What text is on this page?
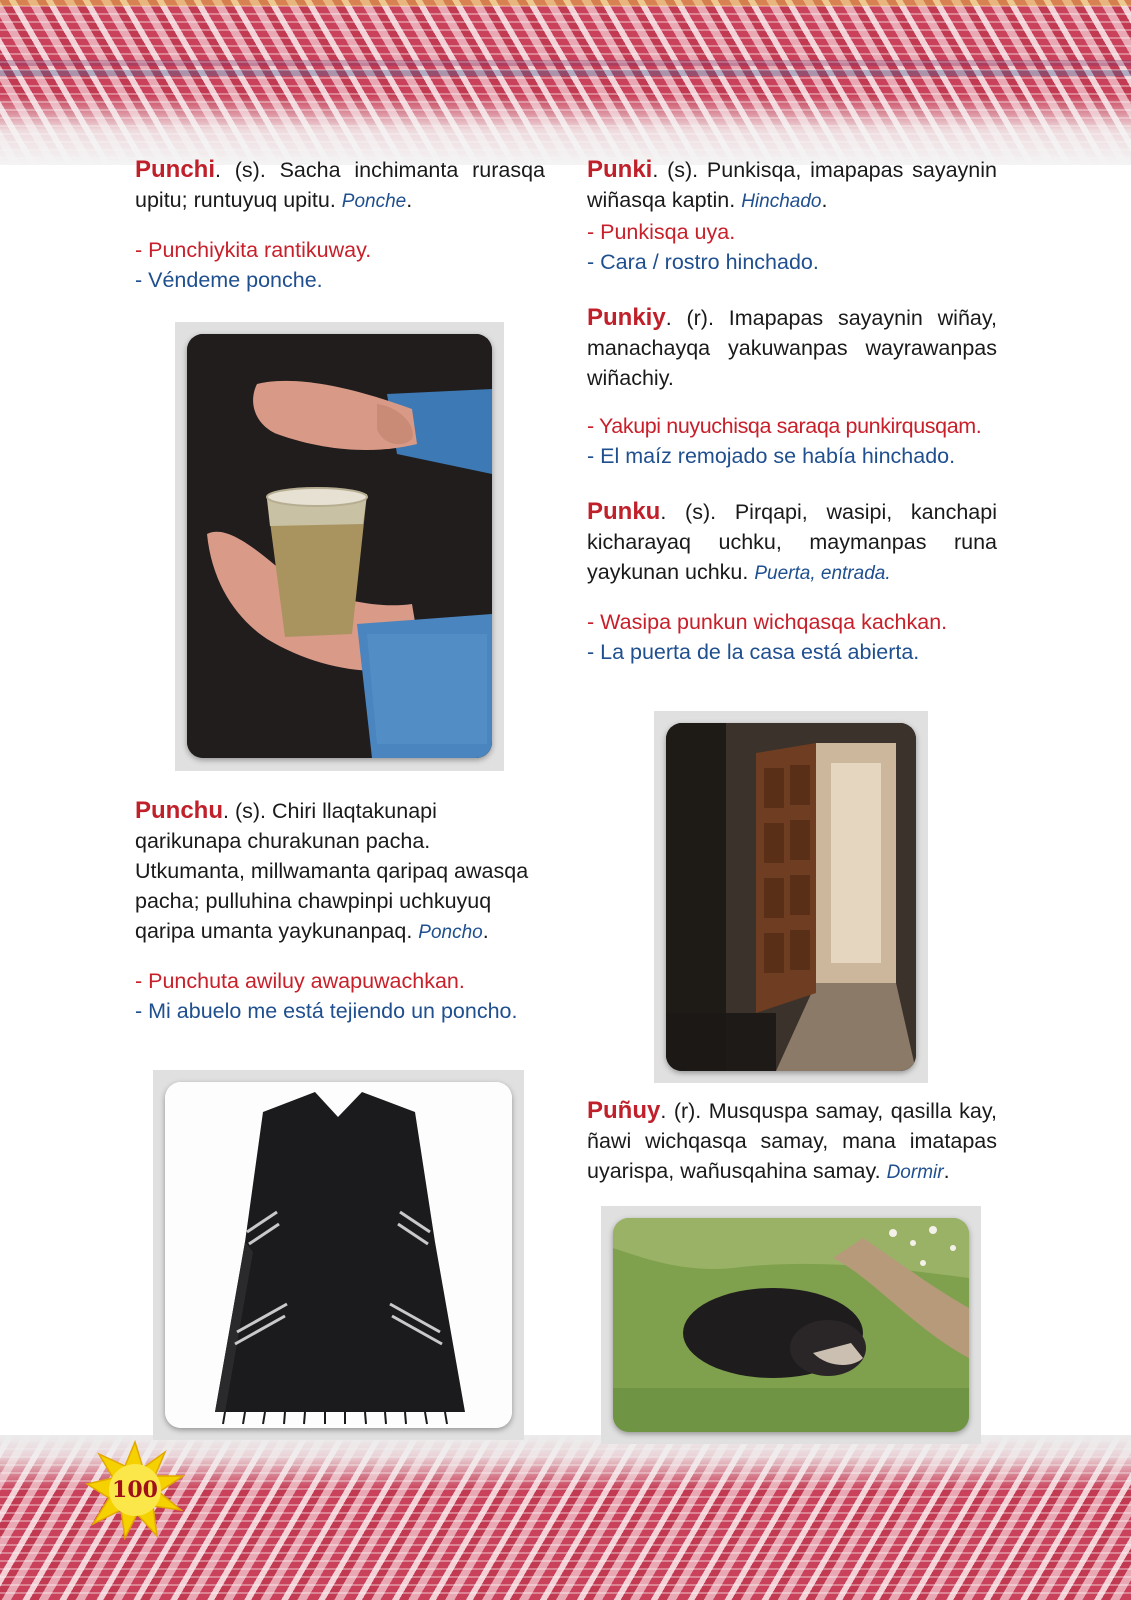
Punchi. (s). Sacha inchimanta rurasqa upitu; runtuyuq upitu. Ponche.

- Punchiykita rantikuway.
- Véndeme ponche.

Punchu. (s). Chiri llaqtakunapi qarikunapa churakunan pacha. Utkumanta, millwamanta qaripaq awasqa pacha; pulluhina chawpinpi uchkuyuq qaripa umanta yaykunanpaq. Poncho.

- Punchuta awiluy awapuwachkan.
- Mi abuelo me está tejiendo un poncho.

Punki. (s). Punkisqa, imapapas sayaynin wiñasqa kaptin. Hinchado.

- Punkisqa uya.
- Cara / rostro hinchado.

Punkiy. (r). Imapapas sayaynin wiñay, manachayqa yakuwanpas wayrawanpas wiñachiy.

- Yakupi nuyuchisqa saraqa punkirqusqam.
- El maíz remojado se había hinchado.

Punku. (s). Pirqapi, wasipi, kanchapi kicharayaq uchku, maymanpas runa yaykunan uchku. Puerta, entrada.

- Wasipa punkun wichqasqa kachkan.
- La puerta de la casa está abierta.

Puñuy. (r). Musquspa samay, qasilla kay, ñawi wichqasqa samay, mana imatapas uyarispa, wañusqahina samay. Dormir.

100
